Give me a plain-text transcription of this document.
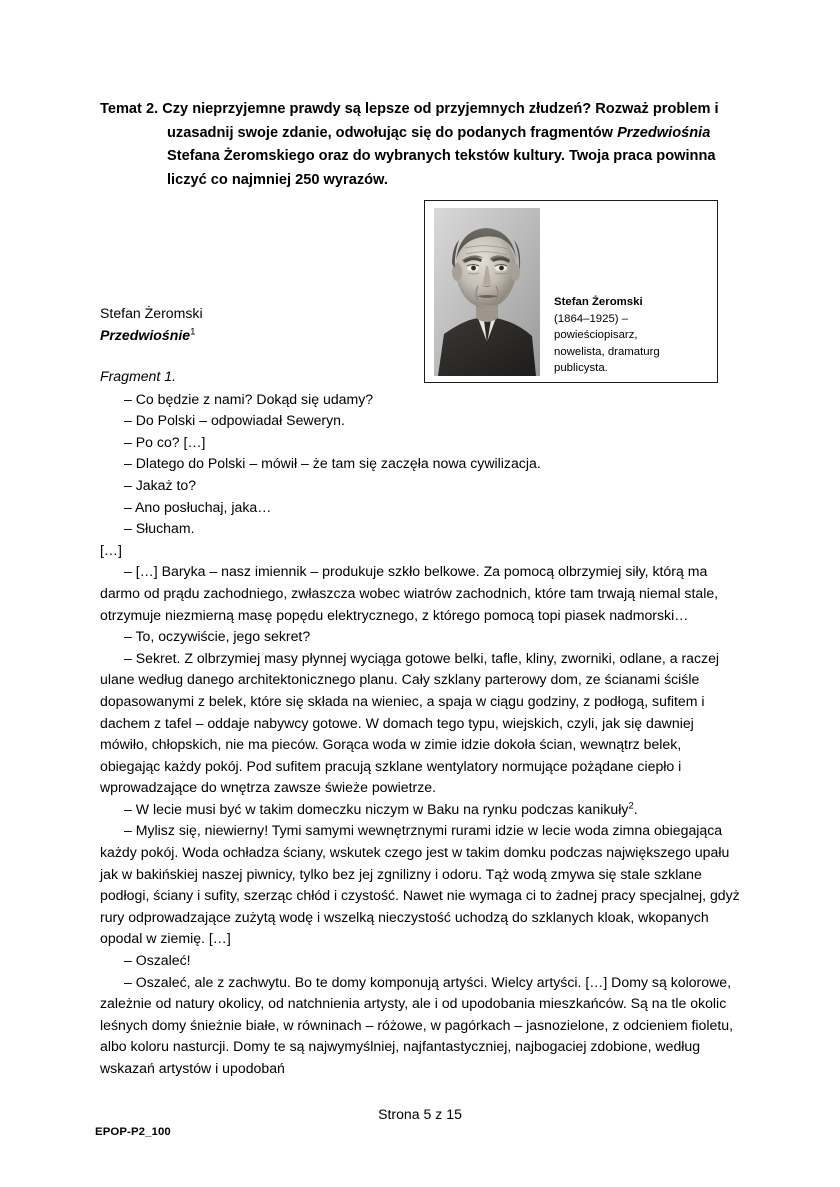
Temat 2. Czy nieprzyjemne prawdy są lepsze od przyjemnych złudzeń? Rozważ problem i uzasadnij swoje zdanie, odwołując się do podanych fragmentów Przedwiośnia Stefana Żeromskiego oraz do wybranych tekstów kultury. Twoja praca powinna liczyć co najmniej 250 wyrazów.
Stefan Żeromski
(1864–1925) –
powieściopisarz,
nowelista, dramaturg
publicysta.
Stefan Żeromski
Przedwiośnie$^1$

Fragment 1.

– Co będzie z nami? Dokąd się udamy?

– Do Polski – odpowiadał Seweryn.

– Po co? […]

– Dlatego do Polski – mówił – że tam się zaczęła nowa cywilizacja.

– Jakaż to?

– Ano posłuchaj, jaka…

– Słucham.

[…]

– […] Baryka – nasz imiennik – produkuje szkło belkowe. Za pomocą olbrzymiej siły, którą ma darmo od prądu zachodniego, zwłaszcza wobec wiatrów zachodnich, które tam trwają niemal stale, otrzymuje niezmierną masę popędu elektrycznego, z którego pomocą topi piasek nadmorski…

– To, oczywiście, jego sekret?

– Sekret. Z olbrzymiej masy płynnej wyciąga gotowe belki, tafle, kliny, zworniki, odlane, a raczej ulane według danego architektonicznego planu. Cały szklany parterowy dom, ze ścianami ściśle dopasowanymi z belek, które się składa na wieniec, a spaja w ciągu godziny, z podłogą, sufitem i dachem z tafel – oddaje nabywcy gotowe. W domach tego typu, wiejskich, czyli, jak się dawniej mówiło, chłopskich, nie ma pieców. Gorąca woda w zimie idzie dokoła ścian, wewnątrz belek, obiegając każdy pokój. Pod sufitem pracują szklane wentylatory normujące pożądane ciepło i wprowadzające do wnętrza zawsze świeże powietrze.

– W lecie musi być w takim domeczku niczym w Baku na rynku podczas kanikuły$^2$.

– Mylisz się, niewierny! Tymi samymi wewnętrznymi rurami idzie w lecie woda zimna obiegająca każdy pokój. Woda ochładza ściany, wskutek czego jest w takim domku podczas największego upału jak w bakińskiej naszej piwnicy, tylko bez jej zgnilizny i odoru. Tąż wodą zmywa się stale szklane podłogi, ściany i sufity, szerząc chłód i czystość. Nawet nie wymaga ci to żadnej pracy specjalnej, gdyż rury odprowadzające zużytą wodę i wszelką nieczystość uchodzą do szklanych kloak, wkopanych opodal w ziemię. […]

– Oszaleć!

– Oszaleć, ale z zachwytu. Bo te domy komponują artyści. Wielcy artyści. […] Domy są kolorowe, zależnie od natury okolicy, od natchnienia artysty, ale i od upodobania mieszkańców. Są na tle okolic leśnych domy śnieżnie białe, w równinach – różowe, w pagórkach – jasnozielone, z odcieniem fioletu, albo koloru nasturcji. Domy te są najwymyślniej, najfantastyczniej, najbogaciej zdobione, według wskazań artystów i upodobań

Strona 5 z 15
EPOP-P2_100
